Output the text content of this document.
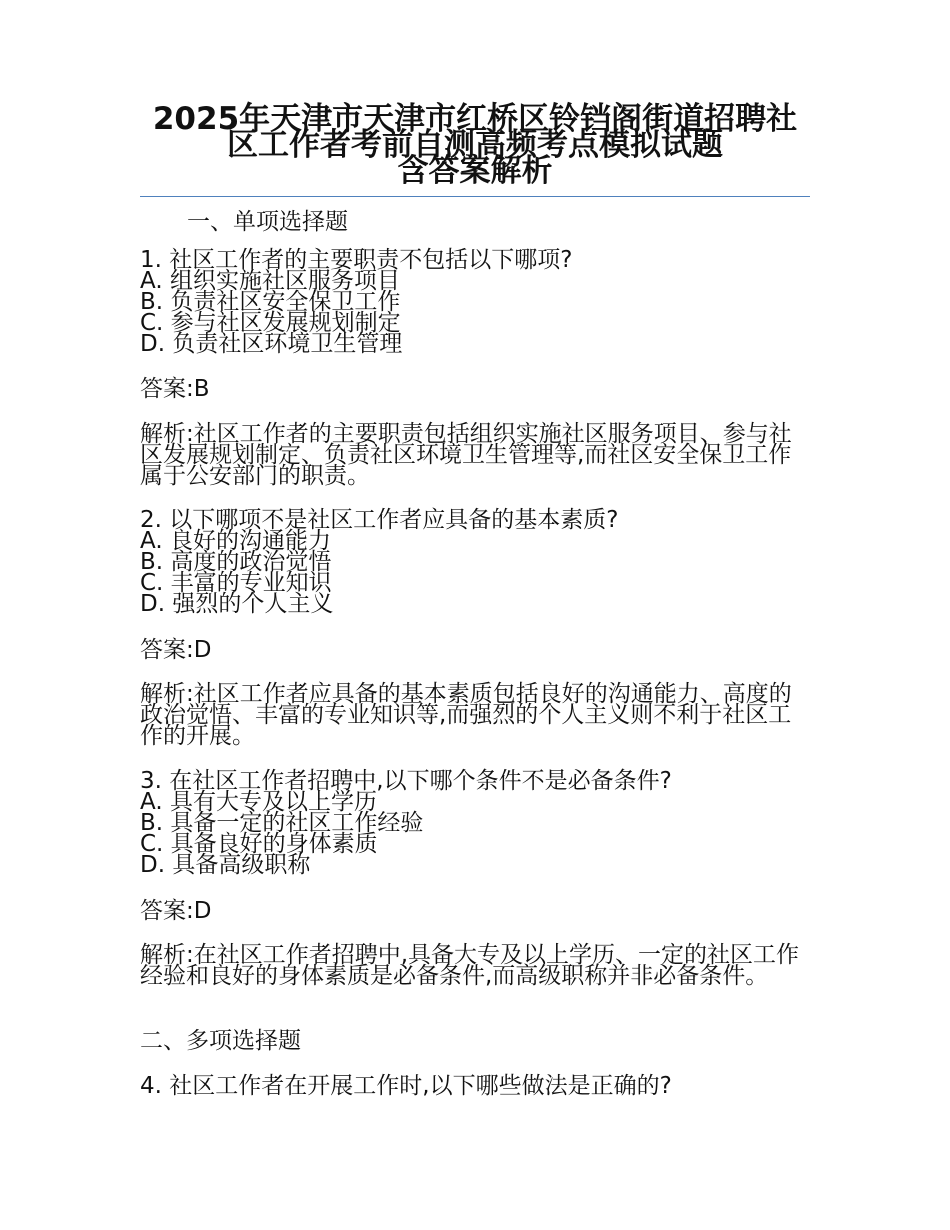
2025年天津市天津市红桥区铃铛阁街道招聘社区工作者考前自测高频考点模拟试题
含答案解析
一、单项选择题

1. 社区工作者的主要职责不包括以下哪项?

A. 组织实施社区服务项目

B. 负责社区安全保卫工作

C. 参与社区发展规划制定

D. 负责社区环境卫生管理

答案:B
解析:社区工作者的主要职责包括组织实施社区服务项目、参与社区发展规划制定、负责社区环境卫生管理等,而社区安全保卫工作属于公安部门的职责。

2. 以下哪项不是社区工作者应具备的基本素质?

A. 良好的沟通能力

B. 高度的政治觉悟

C. 丰富的专业知识

D. 强烈的个人主义

答案:D
解析:社区工作者应具备的基本素质包括良好的沟通能力、高度的政治觉悟、丰富的专业知识等,而强烈的个人主义则不利于社区工作的开展。

3. 在社区工作者招聘中,以下哪个条件不是必备条件?

A. 具有大专及以上学历

B. 具备一定的社区工作经验

C. 具备良好的身体素质

D. 具备高级职称

答案:D
解析:在社区工作者招聘中,具备大专及以上学历、一定的社区工作经验和良好的身体素质是必备条件,而高级职称并非必备条件。
二、多项选择题
4. 社区工作者在开展工作时,以下哪些做法是正确的?
